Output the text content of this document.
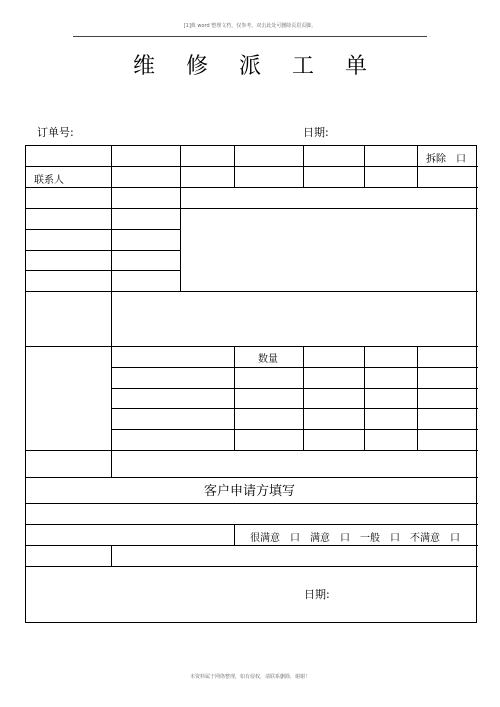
[1]典 word 整理文档，仅参考，双击此处可删除页眉页脚。
维 修 派 工 单
订单号:	日期:
拆除　口
联系人
数量
客户申请方填写
很满意　口　满意　口　一般　口　不满意　口
日期:
本资料属于网络整理，如有侵权，请联系删除，谢谢！
